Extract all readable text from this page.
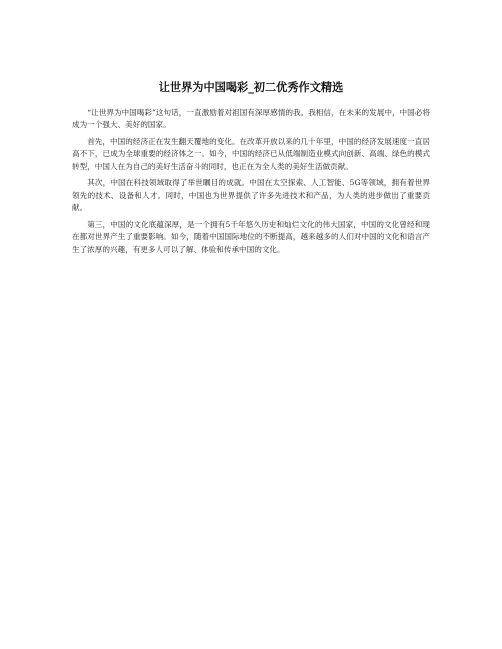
让世界为中国喝彩_初二优秀作文精选

“让世界为中国喝彩”这句话，一直激励着对祖国有深厚感情的我。我相信，在未来的发展中，中国必将成为一个强大、美好的国家。

首先，中国的经济正在发生翻天覆地的变化。在改革开放以来的几十年里，中国的经济发展速度一直居高不下，已成为全球重要的经济体之一。如今，中国的经济已从低端制造业模式向创新、高端、绿色的模式转型，中国人在为自己的美好生活奋斗的同时，也正在为全人类的美好生活做贡献。

其次，中国在科技领域取得了举世瞩目的成就。中国在太空探索、人工智能、5G等领域，拥有着世界领先的技术、设备和人才。同时，中国也为世界提供了许多先进技术和产品，为人类的进步做出了重要贡献。

第三，中国的文化底蕴深厚，是一个拥有5千年悠久历史和灿烂文化的伟大国家，中国的文化曾经和现在都对世界产生了重要影响。如今，随着中国国际地位的不断提高，越来越多的人们对中国的文化和语言产生了浓厚的兴趣，有更多人可以了解、体验和传承中国的文化。
